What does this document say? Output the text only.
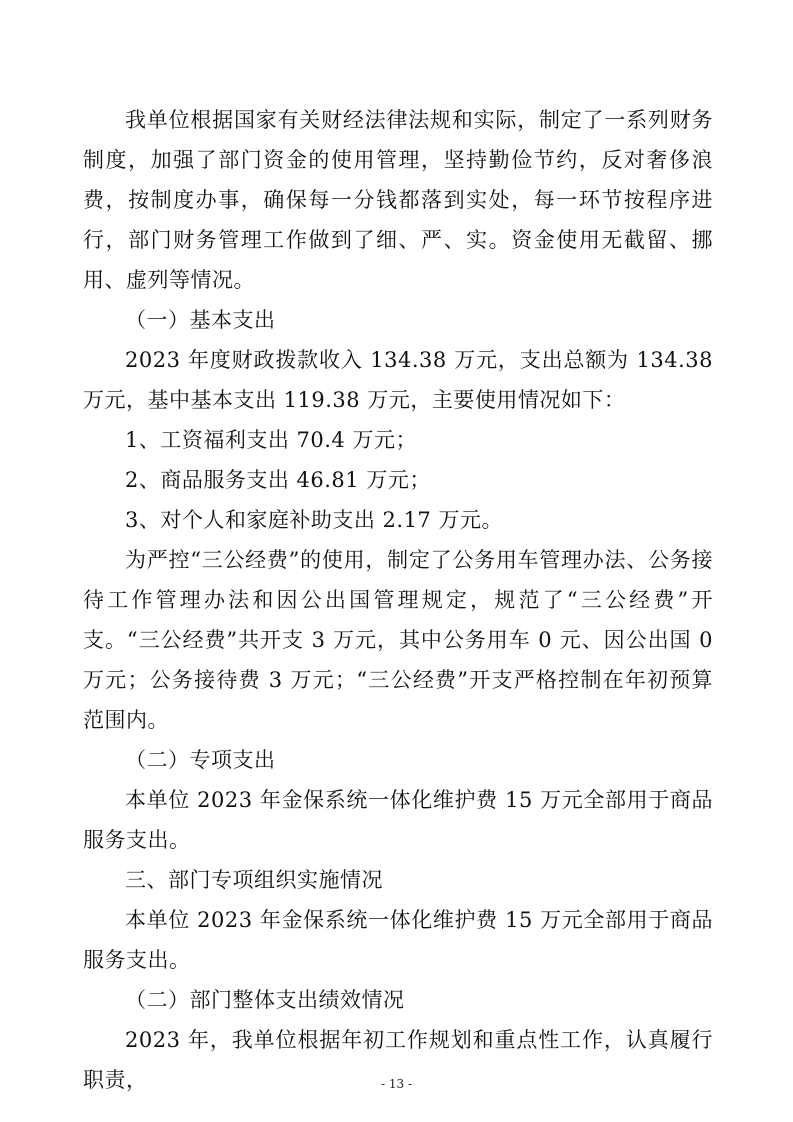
我单位根据国家有关财经法律法规和实际，制定了一系列财务制度，加强了部门资金的使用管理，坚持勤俭节约，反对奢侈浪费，按制度办事，确保每一分钱都落到实处，每一环节按程序进行，部门财务管理工作做到了细、严、实。资金使用无截留、挪用、虚列等情况。

（一）基本支出

2023 年度财政拨款收入 134.38 万元，支出总额为 134.38 万元，基中基本支出 119.38 万元，主要使用情况如下：

1、工资福利支出 70.4 万元；

2、商品服务支出 46.81 万元；

3、对个人和家庭补助支出 2.17 万元。

为严控“三公经费”的使用，制定了公务用车管理办法、公务接待工作管理办法和因公出国管理规定，规范了“三公经费”开支。“三公经费”共开支 3 万元，其中公务用车 0 元、因公出国 0 万元；公务接待费 3 万元；“三公经费”开支严格控制在年初预算范围内。

（二）专项支出

本单位 2023 年金保系统一体化维护费 15 万元全部用于商品服务支出。

三、部门专项组织实施情况

本单位 2023 年金保系统一体化维护费 15 万元全部用于商品服务支出。

（二）部门整体支出绩效情况

2023 年，我单位根据年初工作规划和重点性工作，认真履行职责，	- 13 -
